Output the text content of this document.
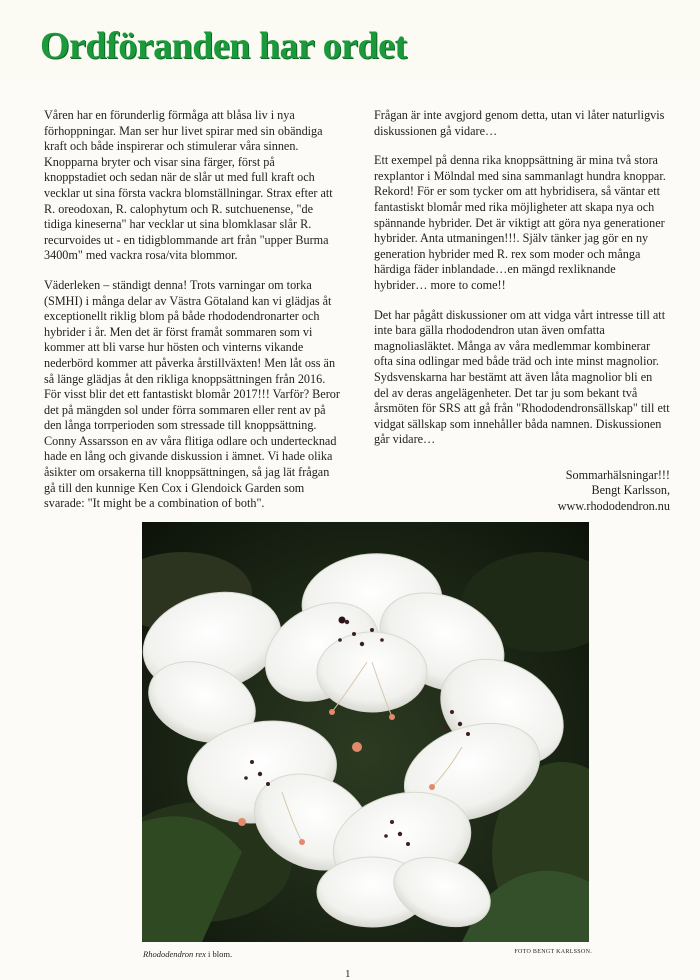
Ordföranden har ordet

Våren har en förunderlig förmåga att blåsa liv i nya förhoppningar. Man ser hur livet spirar med sin obändiga kraft och både inspirerar och stimulerar våra sinnen. Knopparna bryter och visar sina färger, först på knoppstadiet och sedan när de slår ut med full kraft och vecklar ut sina första vackra blomställningar. Strax efter att R. oreodoxan, R. calophytum och R. sutchuenense, "de tidiga kineserna" har vecklar ut sina blomklasar slår R. recurvoides ut - en tidigblommande art från "upper Burma 3400m" med vackra rosa/vita blommor.

Väderleken – ständigt denna! Trots varningar om torka (SMHI) i många delar av Västra Götaland kan vi glädjas åt exceptionellt riklig blom på både rhododendronarter och hybrider i år. Men det är först framåt sommaren som vi kommer att bli varse hur hösten och vinterns vikande nederbörd kommer att påverka årstillväxten! Men låt oss än så länge glädjas åt den rikliga knoppsättningen från 2016. För visst blir det ett fantastiskt blomår 2017!!! Varför? Beror det på mängden sol under förra sommaren eller rent av på den långa torrperioden som stressade till knoppsättning. Conny Assarsson en av våra flitiga odlare och undertecknad hade en lång och givande diskussion i ämnet. Vi hade olika åsikter om orsakerna till knoppsättningen, så jag lät frågan gå till den kunnige Ken Cox i Glendoick Garden som svarade: "It might be a combination of both".

Frågan är inte avgjord genom detta, utan vi låter naturligvis diskussionen gå vidare…

Ett exempel på denna rika knoppsättning är mina två stora rexplantor i Mölndal med sina sammanlagt hundra knoppar. Rekord! För er som tycker om att hybridisera, så väntar ett fantastiskt blomår med rika möjligheter att skapa nya och spännande hybrider. Det är viktigt att göra nya generationer hybrider. Anta utmaningen!!!. Själv tänker jag gör en ny generation hybrider med R. rex som moder och många härdiga fäder inblandade…en mängd rexliknande hybrider… more to come!!

Det har pågått diskussioner om att vidga vårt intresse till att inte bara gälla rhododendron utan även omfatta magnoliasläktet. Många av våra medlemmar kombinerar ofta sina odlingar med både träd och inte minst magnolior. Sydsvenskarna har bestämt att även låta magnolior bli en del av deras angelägenheter. Det tar ju som bekant två årsmöten för SRS att gå från "Rhododendronsällskap" till ett vidgat sällskap som innehåller båda namnen. Diskussionen går vidare…

Sommarhälsningar!!!
Bengt Karlsson,
www.rhododendron.nu
Rhododendron rex i blom.	FOTO BENGT KARLSSON.
1
